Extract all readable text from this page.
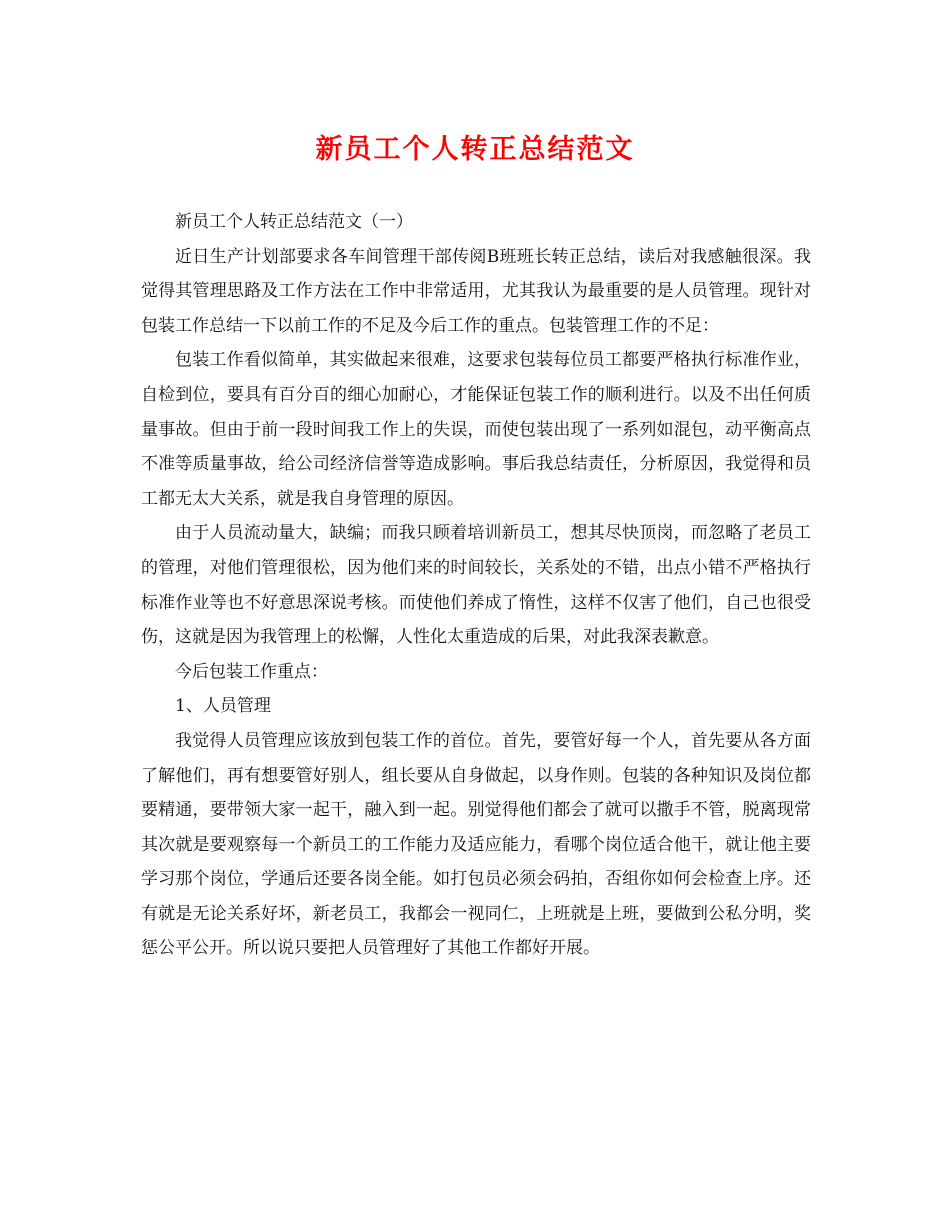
新员工个人转正总结范文

新员工个人转正总结范文（一）

近日生产计划部要求各车间管理干部传阅B班班长转正总结，读后对我感触很深。我觉得其管理思路及工作方法在工作中非常适用，尤其我认为最重要的是人员管理。现针对包装工作总结一下以前工作的不足及今后工作的重点。包装管理工作的不足：

包装工作看似简单，其实做起来很难，这要求包装每位员工都要严格执行标准作业，自检到位，要具有百分百的细心加耐心，才能保证包装工作的顺利进行。以及不出任何质量事故。但由于前一段时间我工作上的失误，而使包装出现了一系列如混包，动平衡高点不准等质量事故，给公司经济信誉等造成影响。事后我总结责任，分析原因，我觉得和员工都无太大关系，就是我自身管理的原因。

由于人员流动量大，缺编；而我只顾着培训新员工，想其尽快顶岗，而忽略了老员工的管理，对他们管理很松，因为他们来的时间较长，关系处的不错，出点小错不严格执行标准作业等也不好意思深说考核。而使他们养成了惰性，这样不仅害了他们，自己也很受伤，这就是因为我管理上的松懈，人性化太重造成的后果，对此我深表歉意。

今后包装工作重点：

1、人员管理

我觉得人员管理应该放到包装工作的首位。首先，要管好每一个人，首先要从各方面了解他们，再有想要管好别人，组长要从自身做起，以身作则。包装的各种知识及岗位都要精通，要带领大家一起干，融入到一起。别觉得他们都会了就可以撒手不管，脱离现常其次就是要观察每一个新员工的工作能力及适应能力，看哪个岗位适合他干，就让他主要学习那个岗位，学通后还要各岗全能。如打包员必须会码拍，否组你如何会检查上序。还有就是无论关系好坏，新老员工，我都会一视同仁，上班就是上班，要做到公私分明，奖惩公平公开。所以说只要把人员管理好了其他工作都好开展。
